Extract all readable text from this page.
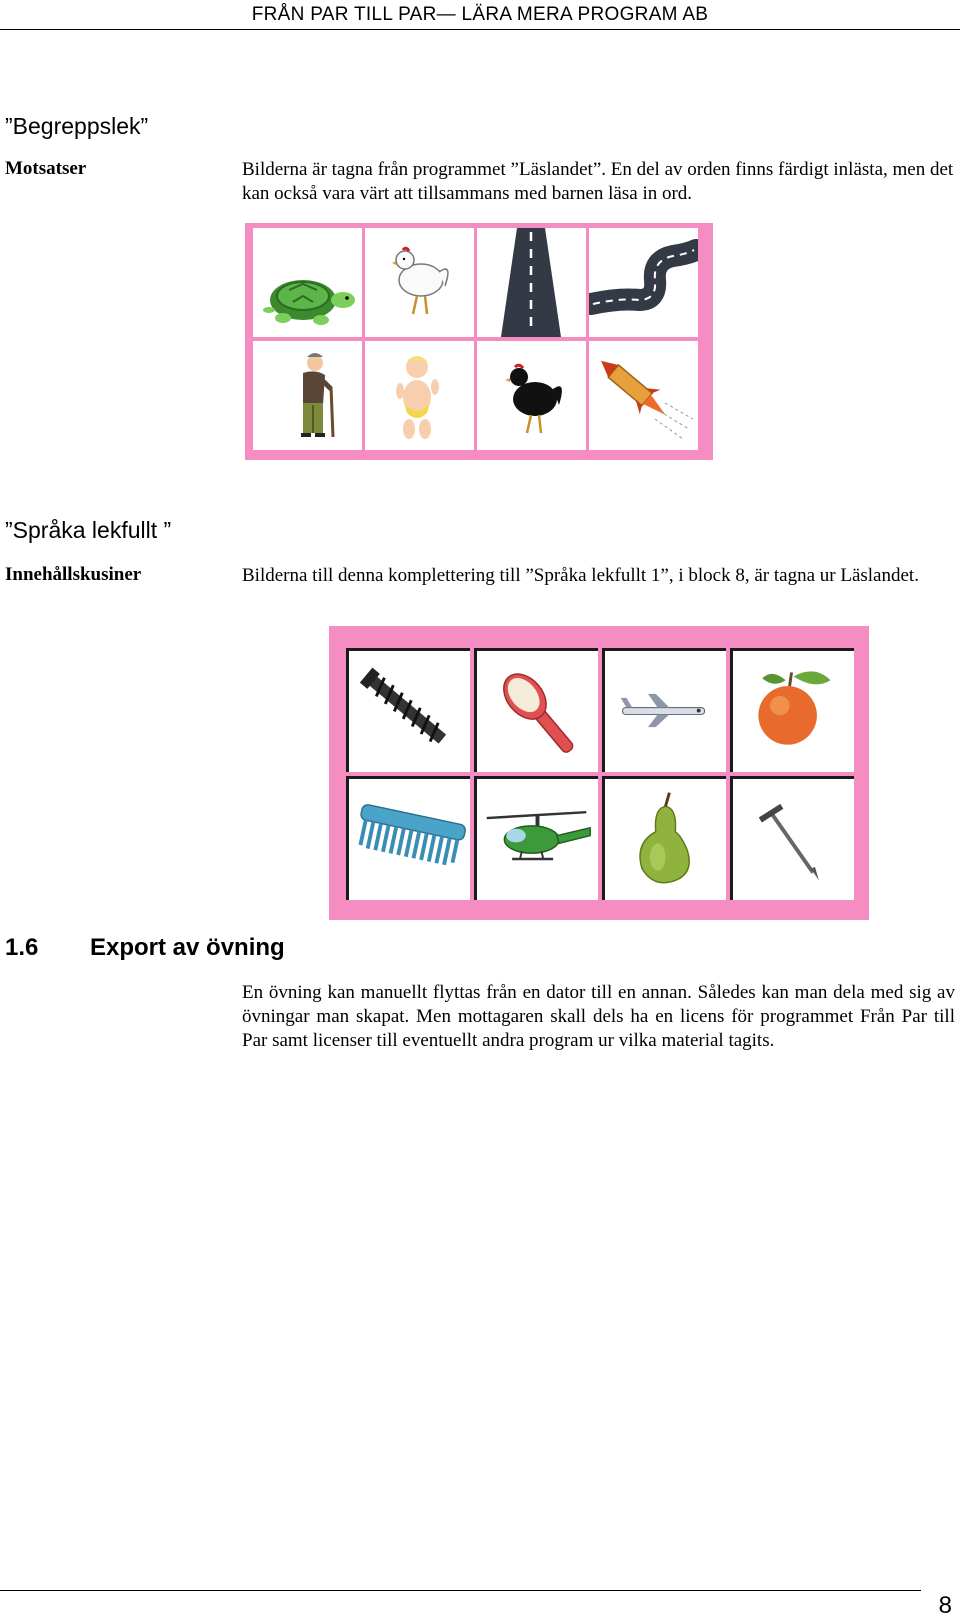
FRÅN PAR TILL PAR— LÄRA MERA PROGRAM AB
”Begreppslek”
Motsatser	Bilderna är tagna från programmet ”Läslandet”. En del av orden finns färdigt inlästa, men det kan också vara värt att tillsammans med barnen läsa in ord.
”Språka lekfullt ”
Innehållskusiner	Bilderna till denna komplettering till ”Språka lekfullt 1”, i block 8, är tagna ur Läslandet.
1.6 Export av övning
En övning kan manuellt flyttas från en dator till en annan. Således kan man dela med sig av övningar man skapat. Men mottagaren skall dels ha en licens för programmet Från Par till Par samt licenser till eventuellt andra program ur vilka material tagits.
8
